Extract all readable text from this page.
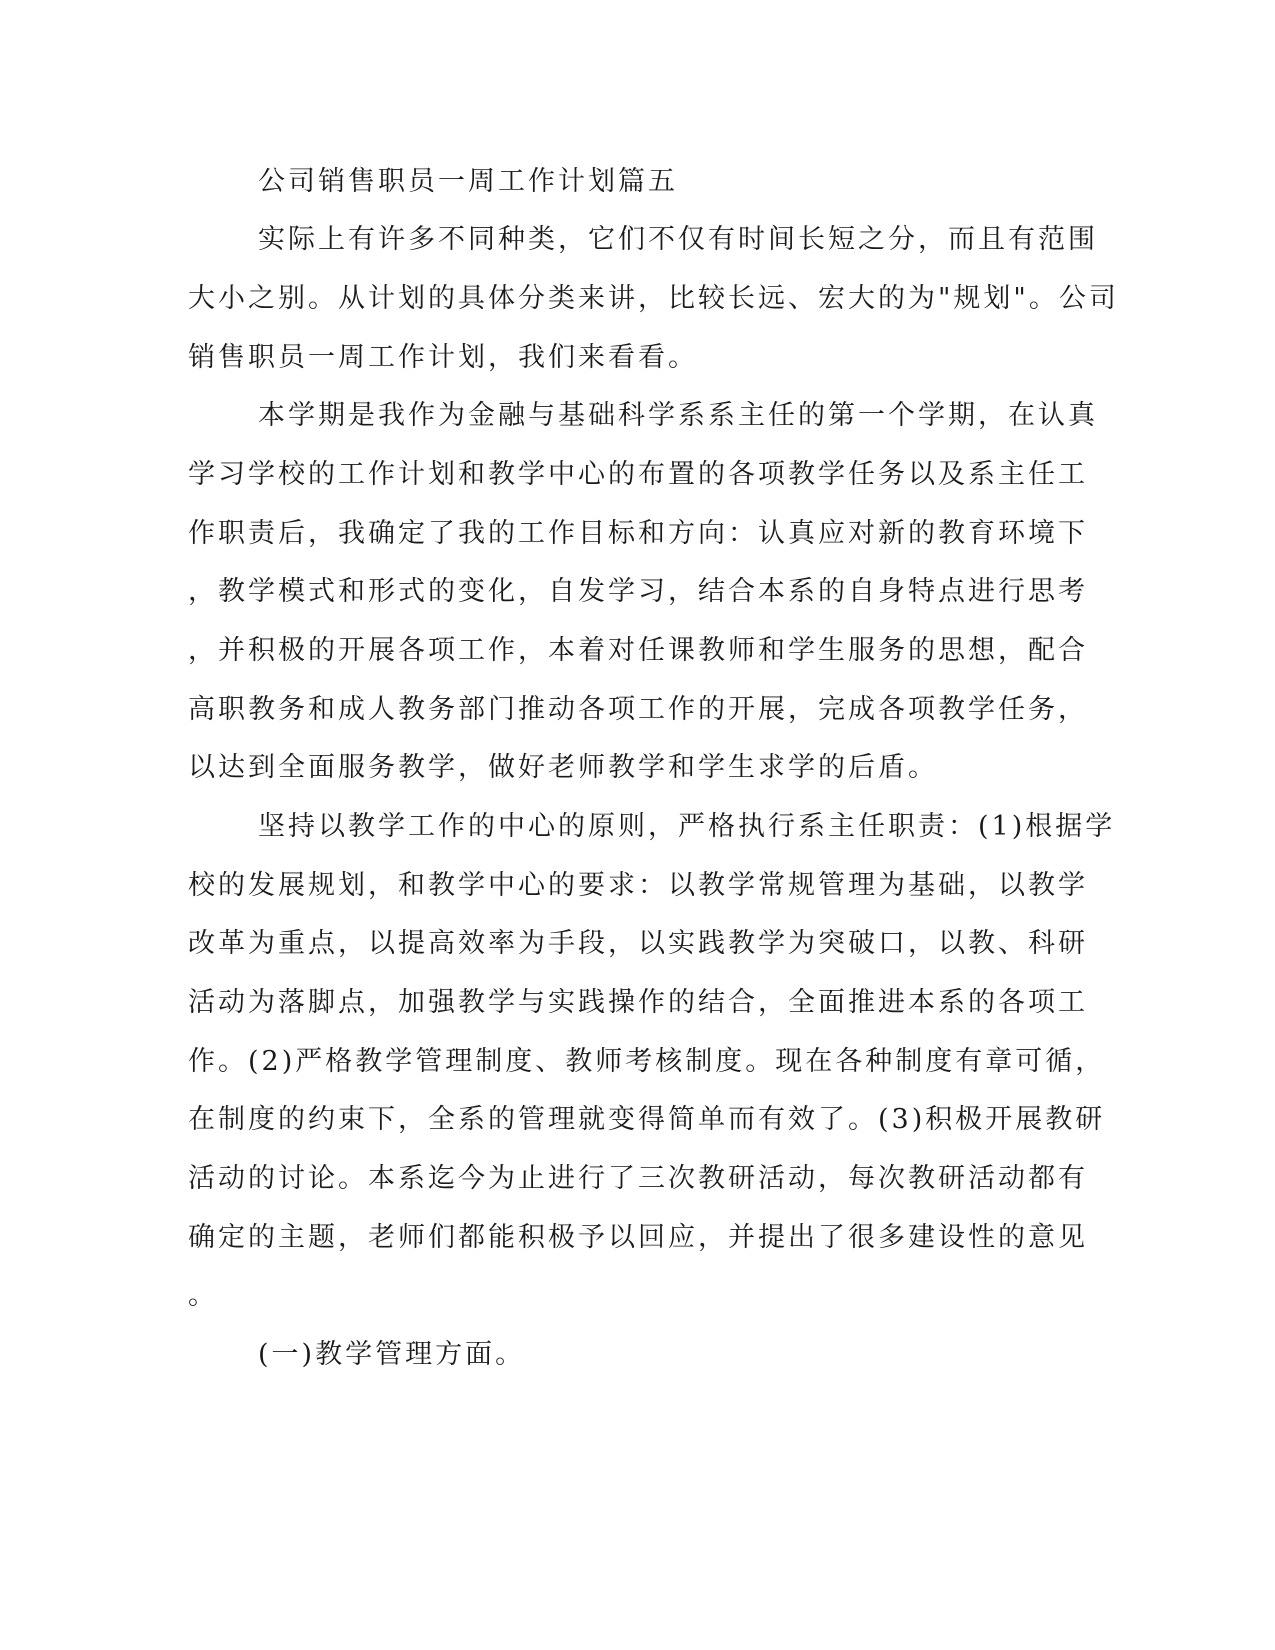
公司销售职员一周工作计划篇五
实际上有许多不同种类，它们不仅有时间长短之分，而且有范围
大小之别。从计划的具体分类来讲，比较长远、宏大的为"规划"。公司
销售职员一周工作计划，我们来看看。
本学期是我作为金融与基础科学系系主任的第一个学期，在认真
学习学校的工作计划和教学中心的布置的各项教学任务以及系主任工
作职责后，我确定了我的工作目标和方向：认真应对新的教育环境下
，教学模式和形式的变化，自发学习，结合本系的自身特点进行思考
，并积极的开展各项工作，本着对任课教师和学生服务的思想，配合
高职教务和成人教务部门推动各项工作的开展，完成各项教学任务，
以达到全面服务教学，做好老师教学和学生求学的后盾。
坚持以教学工作的中心的原则，严格执行系主任职责：(1)根据学
校的发展规划，和教学中心的要求：以教学常规管理为基础，以教学
改革为重点，以提高效率为手段，以实践教学为突破口，以教、科研
活动为落脚点，加强教学与实践操作的结合，全面推进本系的各项工
作。(2)严格教学管理制度、教师考核制度。现在各种制度有章可循，
在制度的约束下，全系的管理就变得简单而有效了。(3)积极开展教研
活动的讨论。本系迄今为止进行了三次教研活动，每次教研活动都有
确定的主题，老师们都能积极予以回应，并提出了很多建设性的意见
。
(一)教学管理方面。
